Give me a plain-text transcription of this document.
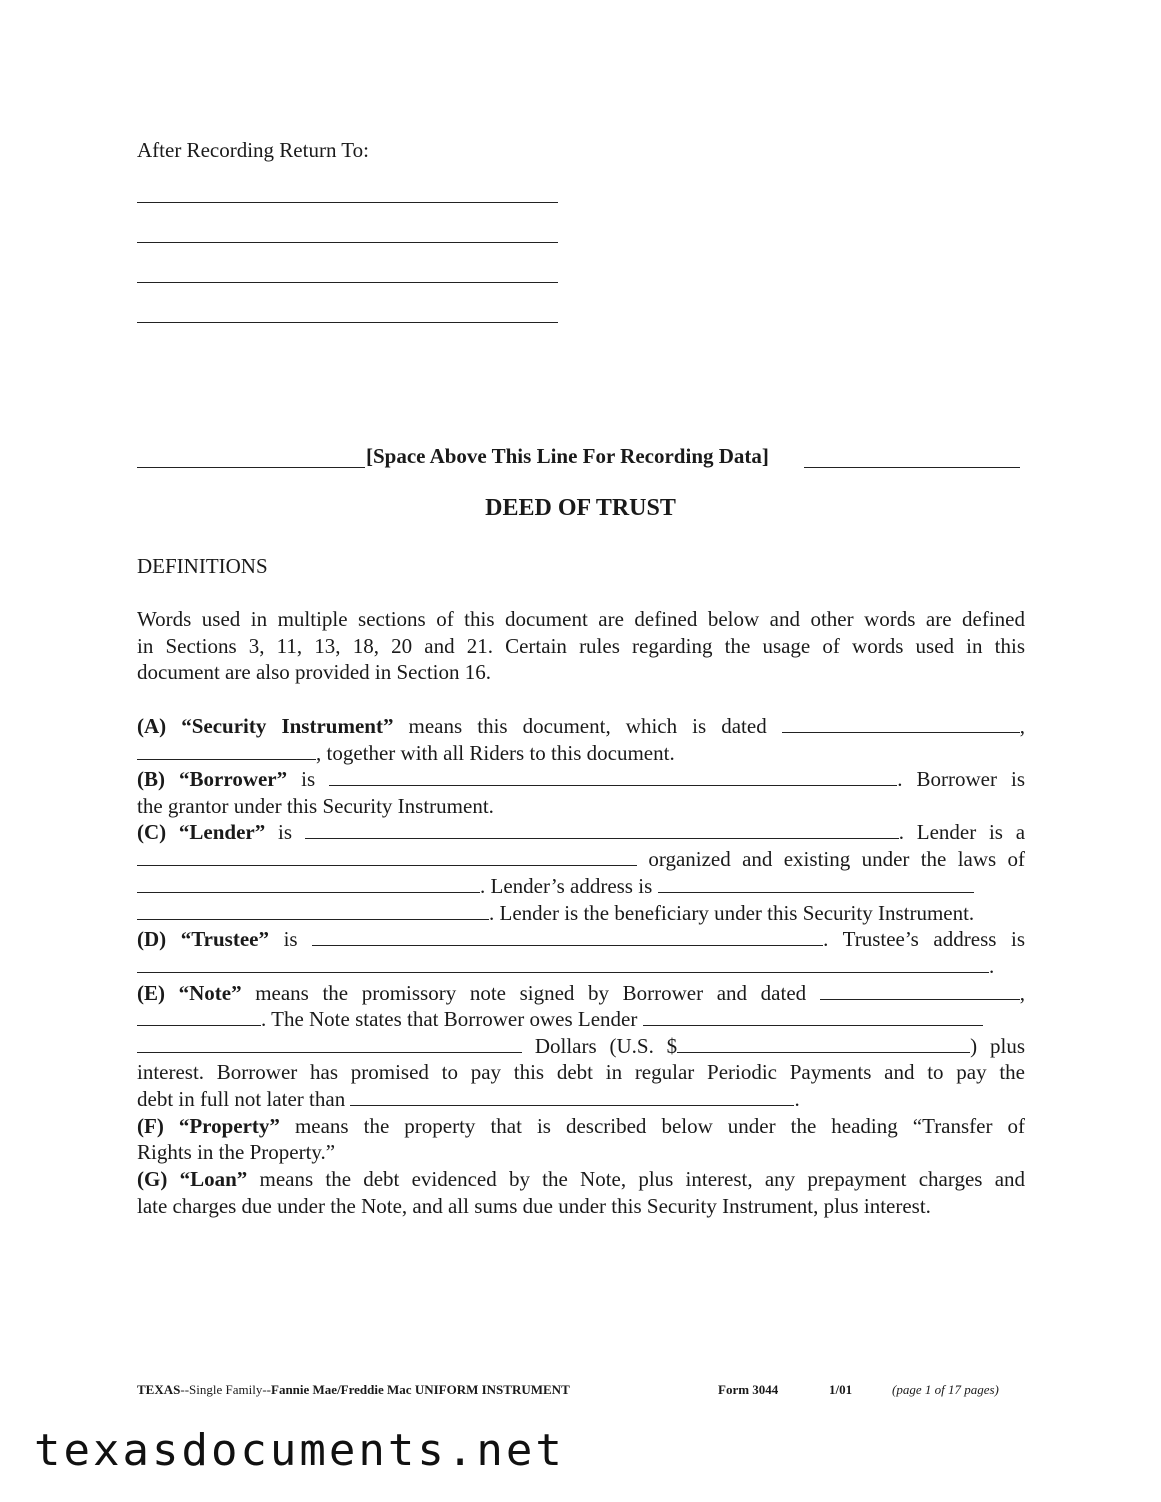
After Recording Return To:
[Space Above This Line For Recording Data]
DEED OF TRUST
DEFINITIONS
Words used in multiple sections of this document are defined below and other words are defined
in Sections 3, 11, 13, 18, 20 and 21. Certain rules regarding the usage of words used in this
document are also provided in Section 16.
(A) “Security Instrument” means this document, which is dated	,
, together with all Riders to this document.
(B) “Borrower” is	. Borrower is
the grantor under this Security Instrument.
(C) “Lender” is	. Lender is a
organized and existing under the laws of
. Lender’s address is
. Lender is the beneficiary under this Security Instrument.
(D) “Trustee” is	. Trustee’s address is
.
(E) “Note” means the promissory note signed by Borrower and dated	,
. The Note states that Borrower owes Lender
Dollars (U.S. $	) plus
interest. Borrower has promised to pay this debt in regular Periodic Payments and to pay the
debt in full not later than	.
(F) “Property” means the property that is described below under the heading “Transfer of
Rights in the Property.”
(G) “Loan” means the debt evidenced by the Note, plus interest, any prepayment charges and
late charges due under the Note, and all sums due under this Security Instrument, plus interest.
TEXAS--Single Family--Fannie Mae/Freddie Mac UNIFORM INSTRUMENT	Form 3044	1/01	(page 1 of 17 pages)
texasdocuments.net
